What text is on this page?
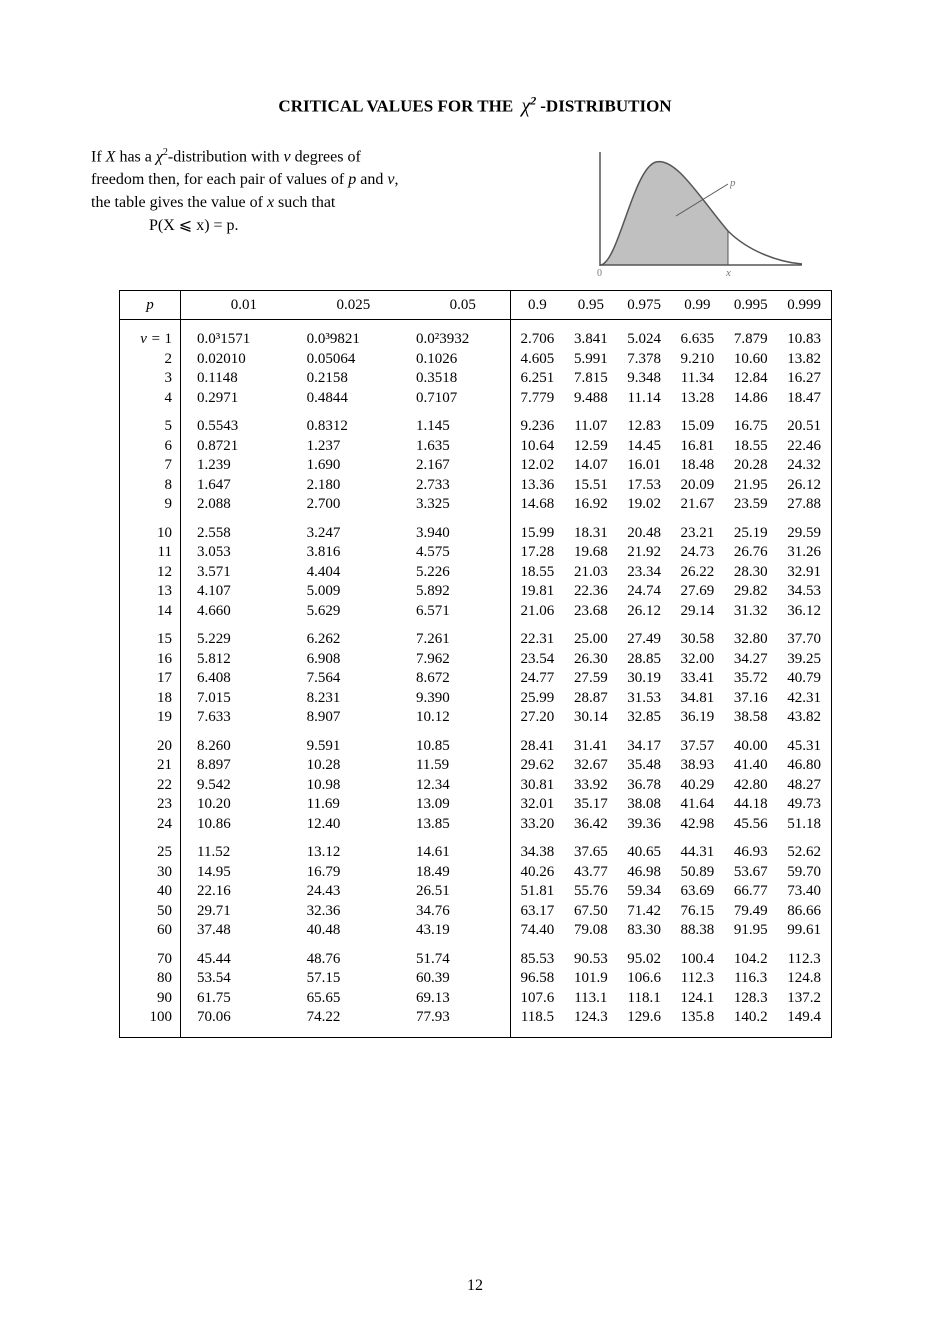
CRITICAL VALUES FOR THE $\chi^2$ -DISTRIBUTION
If X has a $\chi^2$-distribution with ν degrees of
freedom then, for each pair of values of p and ν,
the table gives the value of x such that
P(X ⩽ x) = p.
p
0	x
p	0.01	0.025	0.05	0.9	0.95	0.975	0.99	0.995	0.999
ν = 1	0.0³1571	0.0³9821	0.0²3932	2.706	3.841	5.024	6.635	7.879	10.83
2	0.02010	0.05064	0.1026	4.605	5.991	7.378	9.210	10.60	13.82
3	0.1148	0.2158	0.3518	6.251	7.815	9.348	11.34	12.84	16.27
4	0.2971	0.4844	0.7107	7.779	9.488	11.14	13.28	14.86	18.47
5	0.5543	0.8312	1.145	9.236	11.07	12.83	15.09	16.75	20.51
6	0.8721	1.237	1.635	10.64	12.59	14.45	16.81	18.55	22.46
7	1.239	1.690	2.167	12.02	14.07	16.01	18.48	20.28	24.32
8	1.647	2.180	2.733	13.36	15.51	17.53	20.09	21.95	26.12
9	2.088	2.700	3.325	14.68	16.92	19.02	21.67	23.59	27.88
10	2.558	3.247	3.940	15.99	18.31	20.48	23.21	25.19	29.59
11	3.053	3.816	4.575	17.28	19.68	21.92	24.73	26.76	31.26
12	3.571	4.404	5.226	18.55	21.03	23.34	26.22	28.30	32.91
13	4.107	5.009	5.892	19.81	22.36	24.74	27.69	29.82	34.53
14	4.660	5.629	6.571	21.06	23.68	26.12	29.14	31.32	36.12
15	5.229	6.262	7.261	22.31	25.00	27.49	30.58	32.80	37.70
16	5.812	6.908	7.962	23.54	26.30	28.85	32.00	34.27	39.25
17	6.408	7.564	8.672	24.77	27.59	30.19	33.41	35.72	40.79
18	7.015	8.231	9.390	25.99	28.87	31.53	34.81	37.16	42.31
19	7.633	8.907	10.12	27.20	30.14	32.85	36.19	38.58	43.82
20	8.260	9.591	10.85	28.41	31.41	34.17	37.57	40.00	45.31
21	8.897	10.28	11.59	29.62	32.67	35.48	38.93	41.40	46.80
22	9.542	10.98	12.34	30.81	33.92	36.78	40.29	42.80	48.27
23	10.20	11.69	13.09	32.01	35.17	38.08	41.64	44.18	49.73
24	10.86	12.40	13.85	33.20	36.42	39.36	42.98	45.56	51.18
25	11.52	13.12	14.61	34.38	37.65	40.65	44.31	46.93	52.62
30	14.95	16.79	18.49	40.26	43.77	46.98	50.89	53.67	59.70
40	22.16	24.43	26.51	51.81	55.76	59.34	63.69	66.77	73.40
50	29.71	32.36	34.76	63.17	67.50	71.42	76.15	79.49	86.66
60	37.48	40.48	43.19	74.40	79.08	83.30	88.38	91.95	99.61
70	45.44	48.76	51.74	85.53	90.53	95.02	100.4	104.2	112.3
80	53.54	57.15	60.39	96.58	101.9	106.6	112.3	116.3	124.8
90	61.75	65.65	69.13	107.6	113.1	118.1	124.1	128.3	137.2
100	70.06	74.22	77.93	118.5	124.3	129.6	135.8	140.2	149.4
12
